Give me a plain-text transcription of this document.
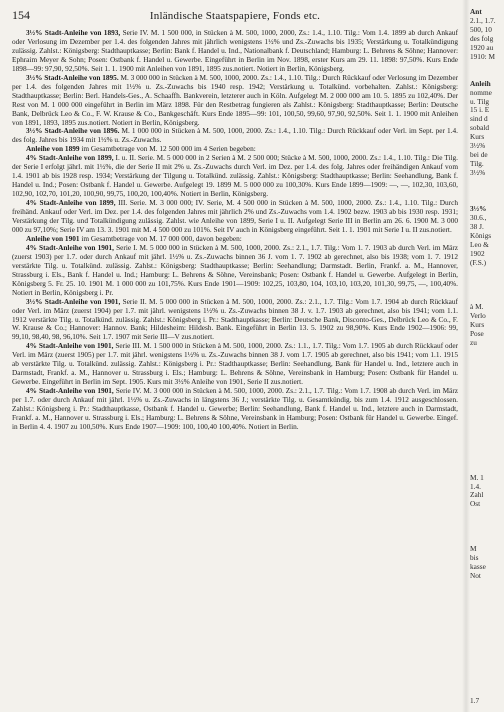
154	Inländische Staatspapiere, Fonds etc.

3½% Stadt-Anleihe von 1893, Serie IV. M. 1 500 000, in Stücken à M. 500, 1000, 2000, Zs.: 1.4., 1.10. Tilg.: Vom 1.4. 1899 ab durch Ankauf oder Verlosung im Dezember per 1.4. des folgenden Jahres mit jährlich wenigstens 1½% und Zs.-Zuwachs bis 1935; Verstärkung u. Totalkündigung zulässig. Zahlst.: Königsberg: Stadthauptkasse; Berlin: Bank f. Handel u. Ind., Nationalbank f. Deutschland; Hamburg: L. Behrens & Söhne; Hannover: Ephraim Meyer & Sohn; Posen: Ostbank f. Handel u. Gewerbe. Eingeführt in Berlin im Nov. 1898, erster Kurs am 29. 11. 1898: 97,50%. Kurs Ende 1898—99: 97,90, 92,50%. Seit 1. 1. 1900 mit Anleihen von 1891, 1895 zus.notiert. Notiert in Berlin, Königsberg.

3½% Stadt-Anleihe von 1895. M. 3 000 000 in Stücken à M. 500, 1000, 2000. Zs.: 1.4., 1.10. Tilg.: Durch Rückkauf oder Verlosung im Dezember per 1.4. des folgenden Jahres mit 1½% u. Zs.-Zuwachs bis 1940 resp. 1942; Verstärkung u. Totalkünd. vorbehalten. Zahlst.: Königsberg: Stadthauptkasse; Berlin: Berl. Handels-Ges., A. Schaaffh. Bankverein, letzterer auch in Köln. Aufgelegt M. 2 000 000 am 10. 5. 1895 zu 102,40%. Der Rest von M. 1 000 000 eingeführt in Berlin im März 1898. Für den Restbetrag fungieren als Zahlst.: Königsberg: Stadthauptkasse; Berlin: Deutsche Bank, Delbrück Leo & Co., F. W. Krause & Co., Bankgeschäft. Kurs Ende 1895—99: 101, 100,50, 99,60, 97,90, 92,50%. Seit 1. 1. 1900 mit Anleihen von 1891, 1893, 1895 zus.notiert. Notiert in Berlin, Königsberg.

3½% Stadt-Anleihe von 1896. M. 1 000 000 in Stücken à M. 500, 1000, 2000. Zs.: 1.4., 1.10. Tilg.: Durch Rückkauf oder Verl. im Sept. per 1.4. des folg. Jahres bis 1934 mit 1½% u. Zs.-Zuwachs.

Anleihe von 1899 im Gesamtbetrage von M. 12 500 000 im 4 Serien begeben:

4% Stadt-Anleihe von 1899, I. u. II. Serie. M. 5 000 000 in 2 Serien à M. 2 500 000; Stücke à M. 500, 1000, 2000. Zs.: 1.4., 1.10. Tilg.: Die Tilg. der Serie I erfolgt jährl. mit 1½%, die der Serie II mit 2% u. Zs.-Zuwachs durch Verl. im Dez. per 1.4. des folg. Jahres oder freihändigen Ankauf vom 1.4. 1901 ab bis 1928 resp. 1934; Verstärkung der Tilgung u. Totalkünd. zulässig. Zahlst.: Königsberg: Stadthauptkasse; Berlin: Seehandlung, Bank f. Handel u. Ind.; Posen: Ostbank f. Handel u. Gewerbe. Aufgelegt 19. 1899 M. 5 000 000 zu 100,30%. Kurs Ende 1899—1909: —, —, 102,30, 103,60, 102,90, 102,70, 101,20, 100,90, 99,75, 100,20, 100,40%. Notiert in Berlin, Königsberg.

4% Stadt-Anleihe von 1899, III. Serie. M. 3 000 000; IV. Serie, M. 4 500 000 in Stücken à M. 500, 1000, 2000. Zs.: 1.4., 1.10. Tilg.: Durch freihänd. Ankauf oder Verl. im Dez. per 1.4. des folgenden Jahres mit jährlich 2% und Zs.-Zuwachs vom 1.4. 1902 bezw. 1903 ab bis 1930 resp. 1931; Verstärkung der Tilg. und Totalkündigung zulässig. Zahlst. wie Anleihe von 1899, Serie I u. II. Aufgelegt Serie III in Berlin am 26. 6. 1900 M. 3 000 000 zu 97,10%; Serie IV am 13. 3. 1901 mit M. 4 500 000 zu 101%. Seit IV auch in Königsberg eingeführt. Seit 1. 1. 1901 mit Serie I u. II zus.notiert.

Anleihe von 1901 im Gesamtbetrage von M. 17 000 000, davon begeben:

4% Stadt-Anleihe von 1901, Serie I. M. 5 000 000 in Stücken à M. 500, 1000, 2000. Zs.: 2.1., 1.7. Tilg.: Vom 1. 7. 1903 ab durch Verl. im März (zuerst 1903) per 1.7. oder durch Ankauf mit jährl. 1½% u. Zs.-Zuwachs binnen 36 J. vom 1. 7. 1902 ab gerechnet, also bis 1938; vom 1. 7. 1912 verstärkte Tilg. u. Totalkünd. zulässig. Zahlst.: Königsberg: Stadthauptkasse; Berlin: Seehandlung; Darmstadt. Berlin, Frankf. a. M., Hannover, Strassburg i. Els., Bank f. Handel u. Ind.; Hamburg: L. Behrens & Söhne, Vereinsbank; Posen: Ostbank f. Handel u. Gewerbe. Aufgelegt in Berlin, Königsberg 5. Fr. 25. 10. 1901 M. 1 000 000 zu 101,75%. Kurs Ende 1901—1909: 102,25, 103,80, 104, 103,10, 103,20, 101,30, 99,75, —, 100,40%. Notiert in Berlin, Königsberg i. Pr.

3½% Stadt-Anleihe von 1901, Serie II. M. 5 000 000 in Stücken à M. 500, 1000, 2000. Zs.: 2.1., 1.7. Tilg.: Vom 1.7. 1904 ab durch Rückkauf oder Verl. im März (zuerst 1904) per 1.7. mit jährl. wenigstens 1½% u. Zs.-Zuwachs binnen 38 J. v. 1.7. 1903 ab gerechnet, also bis 1941; vom 1.1. 1912 verstärkte Tilg. u. Totalkünd. zulässig. Zahlst.: Königsberg i. Pr.: Stadthauptkasse; Berlin: Deutsche Bank, Disconto-Ges., Delbrück Leo & Co., F. W. Krause & Co.; Hannover: Hannov. Bank; Hildesheim: Hildesh. Bank. Eingeführt in Berlin 13. 5. 1902 zu 98,90%. Kurs Ende 1902—1906: 99, 99,10, 98,40, 98, 96,10%. Seit 1.7. 1907 mit Serie III—V zus.notiert.

4% Stadt-Anleihe von 1901, Serie III. M. 1 500 000 in Stücken à M. 500, 1000, 2000. Zs.: 1.1., 1.7. Tilg.: Vom 1.7. 1905 ab durch Rückkauf oder Verl. im März (zuerst 1905) per 1.7. mit jährl. wenigstens 1½% u. Zs.-Zuwachs binnen 38 J. vom 1.7. 1905 ab gerechnet, also bis 1941; vom 1.1. 1915 ab verstärkte Tilg. u. Totalkünd. zulässig. Zahlst.: Königsberg i. Pr.: Stadthauptkasse; Berlin: Seehandlung, Bank für Handel u. Ind., letztere auch in Darmstadt, Frankf. a. M., Hannover u. Strassburg i. Els.; Hamburg: L. Behrens & Söhne, Vereinsbank in Hamburg; Posen: Ostbank für Handel u. Gewerbe. Eingeführt in Berlin im Sept. 1905. Kurs mit 3½% Anleihe von 1901, Serie II zus.notiert.

4% Stadt-Anleihe von 1901, Serie IV. M. 3 000 000 in Stücken à M. 500, 1000, 2000. Zs.: 2.1., 1.7. Tilg.: Vom 1.7. 1908 ab durch Verl. im März per 1.7. oder durch Ankauf mit jährl. 1½% u. Zs.-Zuwachs in längstens 36 J.; verstärkte Tilg. u. Gesamtkündig. bis zum 1.4. 1912 ausgeschlossen. Zahlst.: Königsberg i. Pr.: Stadthauptkasse, Ostbank f. Handel u. Gewerbe; Berlin: Seehandlung, Bank f. Handel u. Ind., letztere auch in Darmstadt, Frankf. a. M., Hannover u. Strassburg i. Els.; Hamburg: L. Behrens & Söhne, Vereinsbank in Hamburg; Posen: Ostbank für Handel u. Gewerbe. Eingef. in Berlin 4. 4. 1907 zu 100,50%. Kurs Ende 1907—1909: 100, 100,40 100,40%. Notiert in Berlin.

Ant
2.1., 1.7.
500, 10
des folg
1920 au
1910: M

Anleih
nomme
u. Tilg
15 i. E
sind d
sobald
Kurs
3½%
bei de
Tilg.
3½%

3½%
30.6.,
38 J.
Königs
Leo &
1902
(F.S.)

à M.
Verlo
Kurs
Pose
zu

M. 1
1.4.
Zahl
Ost

M
bis
kasse
Not

1.7
